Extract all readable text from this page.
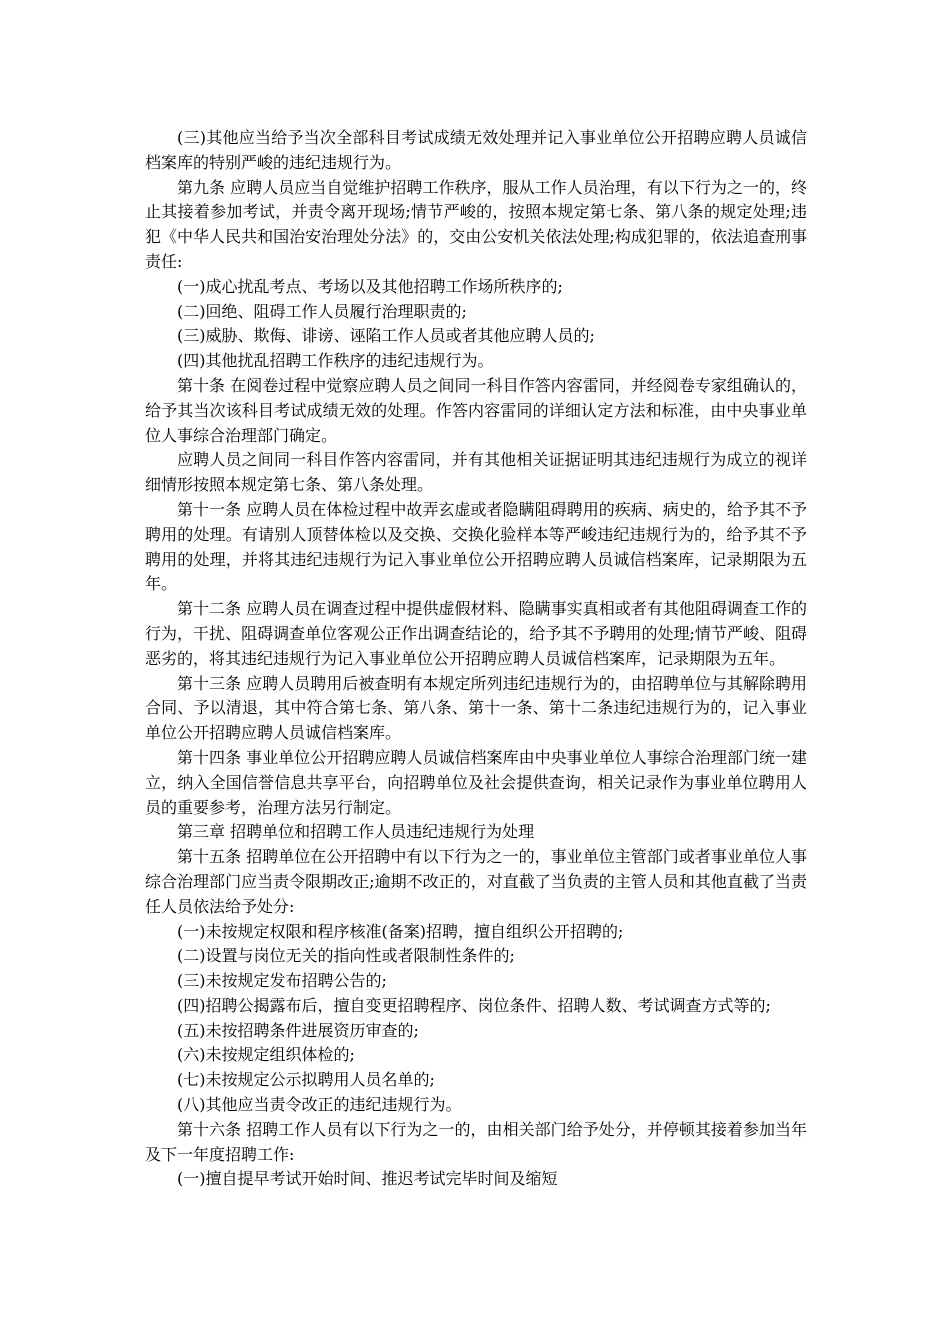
(三)其他应当给予当次全部科目考试成绩无效处理并记入事业单位公开招聘应聘人员诚信档案库的特别严峻的违纪违规行为。

第九条 应聘人员应当自觉维护招聘工作秩序，服从工作人员治理，有以下行为之一的，终止其接着参加考试，并责令离开现场;情节严峻的，按照本规定第七条、第八条的规定处理;违犯《中华人民共和国治安治理处分法》的，交由公安机关依法处理;构成犯罪的，依法追查刑事责任:

(一)成心扰乱考点、考场以及其他招聘工作场所秩序的;

(二)回绝、阻碍工作人员履行治理职责的;

(三)威胁、欺侮、诽谤、诬陷工作人员或者其他应聘人员的;

(四)其他扰乱招聘工作秩序的违纪违规行为。

第十条 在阅卷过程中觉察应聘人员之间同一科目作答内容雷同，并经阅卷专家组确认的，给予其当次该科目考试成绩无效的处理。作答内容雷同的详细认定方法和标准，由中央事业单位人事综合治理部门确定。

应聘人员之间同一科目作答内容雷同，并有其他相关证据证明其违纪违规行为成立的视详细情形按照本规定第七条、第八条处理。

第十一条 应聘人员在体检过程中故弄玄虚或者隐瞒阻碍聘用的疾病、病史的，给予其不予聘用的处理。有请别人顶替体检以及交换、交换化验样本等严峻违纪违规行为的，给予其不予聘用的处理，并将其违纪违规行为记入事业单位公开招聘应聘人员诚信档案库，记录期限为五年。

第十二条 应聘人员在调查过程中提供虚假材料、隐瞒事实真相或者有其他阻碍调查工作的行为，干扰、阻碍调查单位客观公正作出调查结论的，给予其不予聘用的处理;情节严峻、阻碍恶劣的，将其违纪违规行为记入事业单位公开招聘应聘人员诚信档案库，记录期限为五年。

第十三条 应聘人员聘用后被查明有本规定所列违纪违规行为的，由招聘单位与其解除聘用合同、予以清退，其中符合第七条、第八条、第十一条、第十二条违纪违规行为的，记入事业单位公开招聘应聘人员诚信档案库。

第十四条 事业单位公开招聘应聘人员诚信档案库由中央事业单位人事综合治理部门统一建立，纳入全国信誉信息共享平台，向招聘单位及社会提供查询，相关记录作为事业单位聘用人员的重要参考，治理方法另行制定。

第三章 招聘单位和招聘工作人员违纪违规行为处理

第十五条 招聘单位在公开招聘中有以下行为之一的，事业单位主管部门或者事业单位人事综合治理部门应当责令限期改正;逾期不改正的，对直截了当负责的主管人员和其他直截了当责任人员依法给予处分:

(一)未按规定权限和程序核准(备案)招聘，擅自组织公开招聘的;

(二)设置与岗位无关的指向性或者限制性条件的;

(三)未按规定发布招聘公告的;

(四)招聘公揭露布后，擅自变更招聘程序、岗位条件、招聘人数、考试调查方式等的;

(五)未按招聘条件进展资历审查的;

(六)未按规定组织体检的;

(七)未按规定公示拟聘用人员名单的;

(八)其他应当责令改正的违纪违规行为。

第十六条 招聘工作人员有以下行为之一的，由相关部门给予处分，并停顿其接着参加当年及下一年度招聘工作:

(一)擅自提早考试开始时间、推迟考试完毕时间及缩短
